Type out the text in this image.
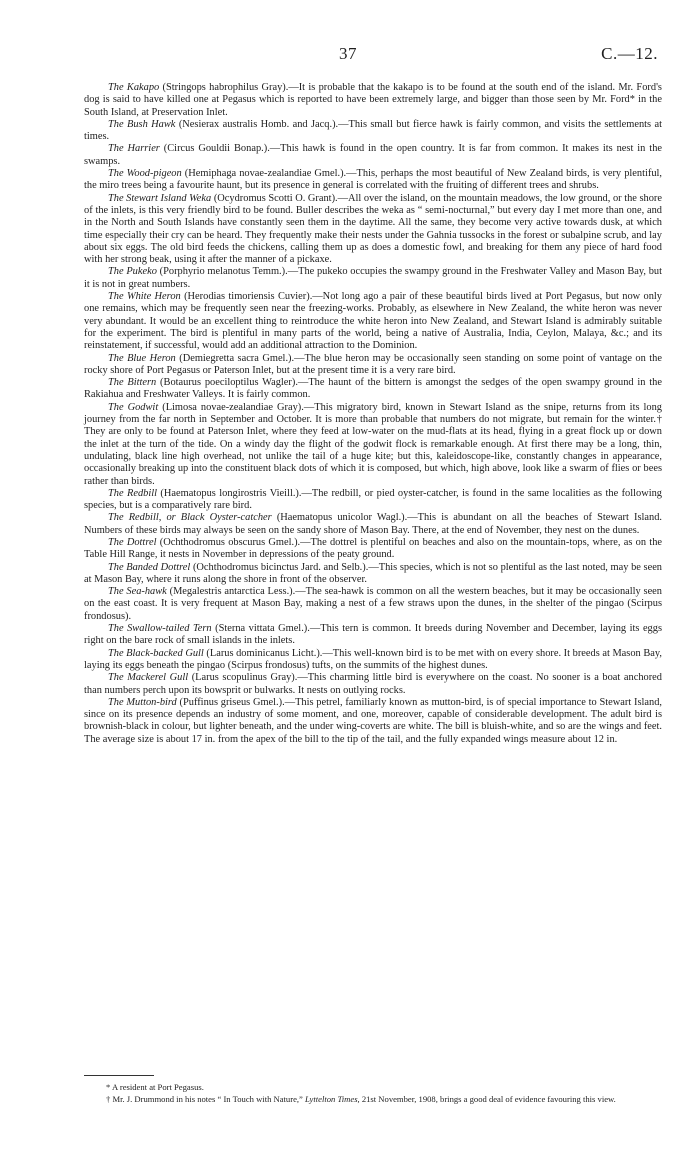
37	C.—12.

The Kakapo (Stringops habrophilus Gray).—It is probable that the kakapo is to be found at the south end of the island. Mr. Ford's dog is said to have killed one at Pegasus which is reported to have been extremely large, and bigger than those seen by Mr. Ford* in the South Island, at Preservation Inlet.

The Bush Hawk (Nesierax australis Homb. and Jacq.).—This small but fierce hawk is fairly common, and visits the settlements at times.

The Harrier (Circus Gouldii Bonap.).—This hawk is found in the open country. It is far from common. It makes its nest in the swamps.

The Wood-pigeon (Hemiphaga novae-zealandiae Gmel.).—This, perhaps the most beautiful of New Zealand birds, is very plentiful, the miro trees being a favourite haunt, but its presence in general is correlated with the fruiting of different trees and shrubs.

The Stewart Island Weka (Ocydromus Scotti O. Grant).—All over the island, on the mountain meadows, the low ground, or the shore of the inlets, is this very friendly bird to be found. Buller describes the weka as “ semi-nocturnal,” but every day I met more than one, and in the North and South Islands have constantly seen them in the daytime. All the same, they become very active towards dusk, at which time especially their cry can be heard. They frequently make their nests under the Gahnia tussocks in the forest or subalpine scrub, and lay about six eggs. The old bird feeds the chickens, calling them up as does a domestic fowl, and breaking for them any piece of hard food with her strong beak, using it after the manner of a pickaxe.

The Pukeko (Porphyrio melanotus Temm.).—The pukeko occupies the swampy ground in the Freshwater Valley and Mason Bay, but it is not in great numbers.

The White Heron (Herodias timoriensis Cuvier).—Not long ago a pair of these beautiful birds lived at Port Pegasus, but now only one remains, which may be frequently seen near the freezing-works. Probably, as elsewhere in New Zealand, the white heron was never very abundant. It would be an excellent thing to reintroduce the white heron into New Zealand, and Stewart Island is admirably suitable for the experiment. The bird is plentiful in many parts of the world, being a native of Australia, India, Ceylon, Malaya, &c.; and its reinstatement, if successful, would add an additional attraction to the Dominion.

The Blue Heron (Demiegretta sacra Gmel.).—The blue heron may be occasionally seen standing on some point of vantage on the rocky shore of Port Pegasus or Paterson Inlet, but at the present time it is a very rare bird.

The Bittern (Botaurus poeciloptilus Wagler).—The haunt of the bittern is amongst the sedges of the open swampy ground in the Rakiahua and Freshwater Valleys. It is fairly common.

The Godwit (Limosa novae-zealandiae Gray).—This migratory bird, known in Stewart Island as the snipe, returns from its long journey from the far north in September and October. It is more than probable that numbers do not migrate, but remain for the winter.† They are only to be found at Paterson Inlet, where they feed at low-water on the mud-flats at its head, flying in a great flock up or down the inlet at the turn of the tide. On a windy day the flight of the godwit flock is remarkable enough. At first there may be a long, thin, undulating, black line high overhead, not unlike the tail of a huge kite; but this, kaleidoscope-like, constantly changes in appearance, occasionally breaking up into the constituent black dots of which it is composed, but which, high above, look like a swarm of flies or bees rather than birds.

The Redbill (Haematopus longirostris Vieill.).—The redbill, or pied oyster-catcher, is found in the same localities as the following species, but is a comparatively rare bird.

The Redbill, or Black Oyster-catcher (Haematopus unicolor Wagl.).—This is abundant on all the beaches of Stewart Island. Numbers of these birds may always be seen on the sandy shore of Mason Bay. There, at the end of November, they nest on the dunes.

The Dottrel (Ochthodromus obscurus Gmel.).—The dottrel is plentiful on beaches and also on the mountain-tops, where, as on the Table Hill Range, it nests in November in depressions of the peaty ground.

The Banded Dottrel (Ochthodromus bicinctus Jard. and Selb.).—This species, which is not so plentiful as the last noted, may be seen at Mason Bay, where it runs along the shore in front of the observer.

The Sea-hawk (Megalestris antarctica Less.).—The sea-hawk is common on all the western beaches, but it may be occasionally seen on the east coast. It is very frequent at Mason Bay, making a nest of a few straws upon the dunes, in the shelter of the pingao (Scirpus frondosus).

The Swallow-tailed Tern (Sterna vittata Gmel.).—This tern is common. It breeds during November and December, laying its eggs right on the bare rock of small islands in the inlets.

The Black-backed Gull (Larus dominicanus Licht.).—This well-known bird is to be met with on every shore. It breeds at Mason Bay, laying its eggs beneath the pingao (Scirpus frondosus) tufts, on the summits of the highest dunes.

The Mackerel Gull (Larus scopulinus Gray).—This charming little bird is everywhere on the coast. No sooner is a boat anchored than numbers perch upon its bowsprit or bulwarks. It nests on outlying rocks.

The Mutton-bird (Puffinus griseus Gmel.).—This petrel, familiarly known as mutton-bird, is of special importance to Stewart Island, since on its presence depends an industry of some moment, and one, moreover, capable of considerable development. The adult bird is brownish-black in colour, but lighter beneath, and the under wing-coverts are white. The bill is bluish-white, and so are the wings and feet. The average size is about 17 in. from the apex of the bill to the tip of the tail, and the fully expanded wings measure about 12 in.

* A resident at Port Pegasus.

† Mr. J. Drummond in his notes “ In Touch with Nature,” Lyttelton Times, 21st November, 1908, brings a good deal of evidence favouring this view.
